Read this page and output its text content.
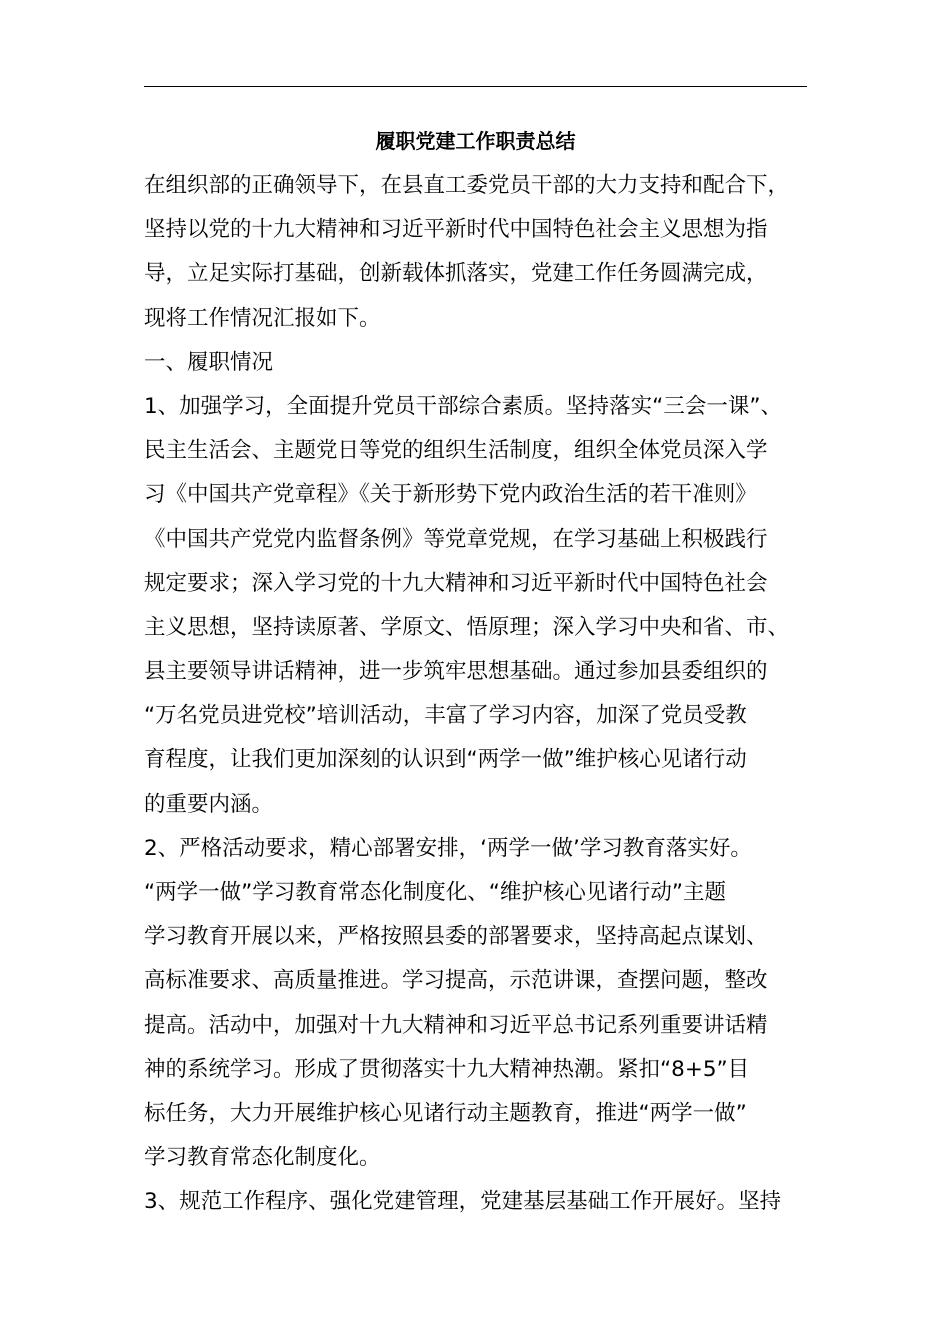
履职党建工作职责总结
在组织部的正确领导下，在县直工委党员干部的大力支持和配合下，
坚持以党的十九大精神和习近平新时代中国特色社会主义思想为指
导，立足实际打基础，创新载体抓落实，党建工作任务圆满完成，
现将工作情况汇报如下。
一、履职情况
1、加强学习，全面提升党员干部综合素质。坚持落实“三会一课”、
民主生活会、主题党日等党的组织生活制度，组织全体党员深入学
习《中国共产党章程》《关于新形势下党内政治生活的若干准则》
《中国共产党党内监督条例》等党章党规，在学习基础上积极践行
规定要求；深入学习党的十九大精神和习近平新时代中国特色社会
主义思想，坚持读原著、学原文、悟原理；深入学习中央和省、市、
县主要领导讲话精神，进一步筑牢思想基础。通过参加县委组织的
“万名党员进党校”培训活动，丰富了学习内容，加深了党员受教
育程度，让我们更加深刻的认识到“两学一做”维护核心见诸行动
的重要内涵。
2、严格活动要求，精心部署安排，‘两学一做’学习教育落实好。
“两学一做”学习教育常态化制度化、“维护核心见诸行动”主题
学习教育开展以来，严格按照县委的部署要求，坚持高起点谋划、
高标准要求、高质量推进。学习提高，示范讲课，查摆问题，整改
提高。活动中，加强对十九大精神和习近平总书记系列重要讲话精
神的系统学习。形成了贯彻落实十九大精神热潮。紧扣“8+5”目
标任务，大力开展维护核心见诸行动主题教育，推进“两学一做”
学习教育常态化制度化。
3、规范工作程序、强化党建管理，党建基层基础工作开展好。坚持
